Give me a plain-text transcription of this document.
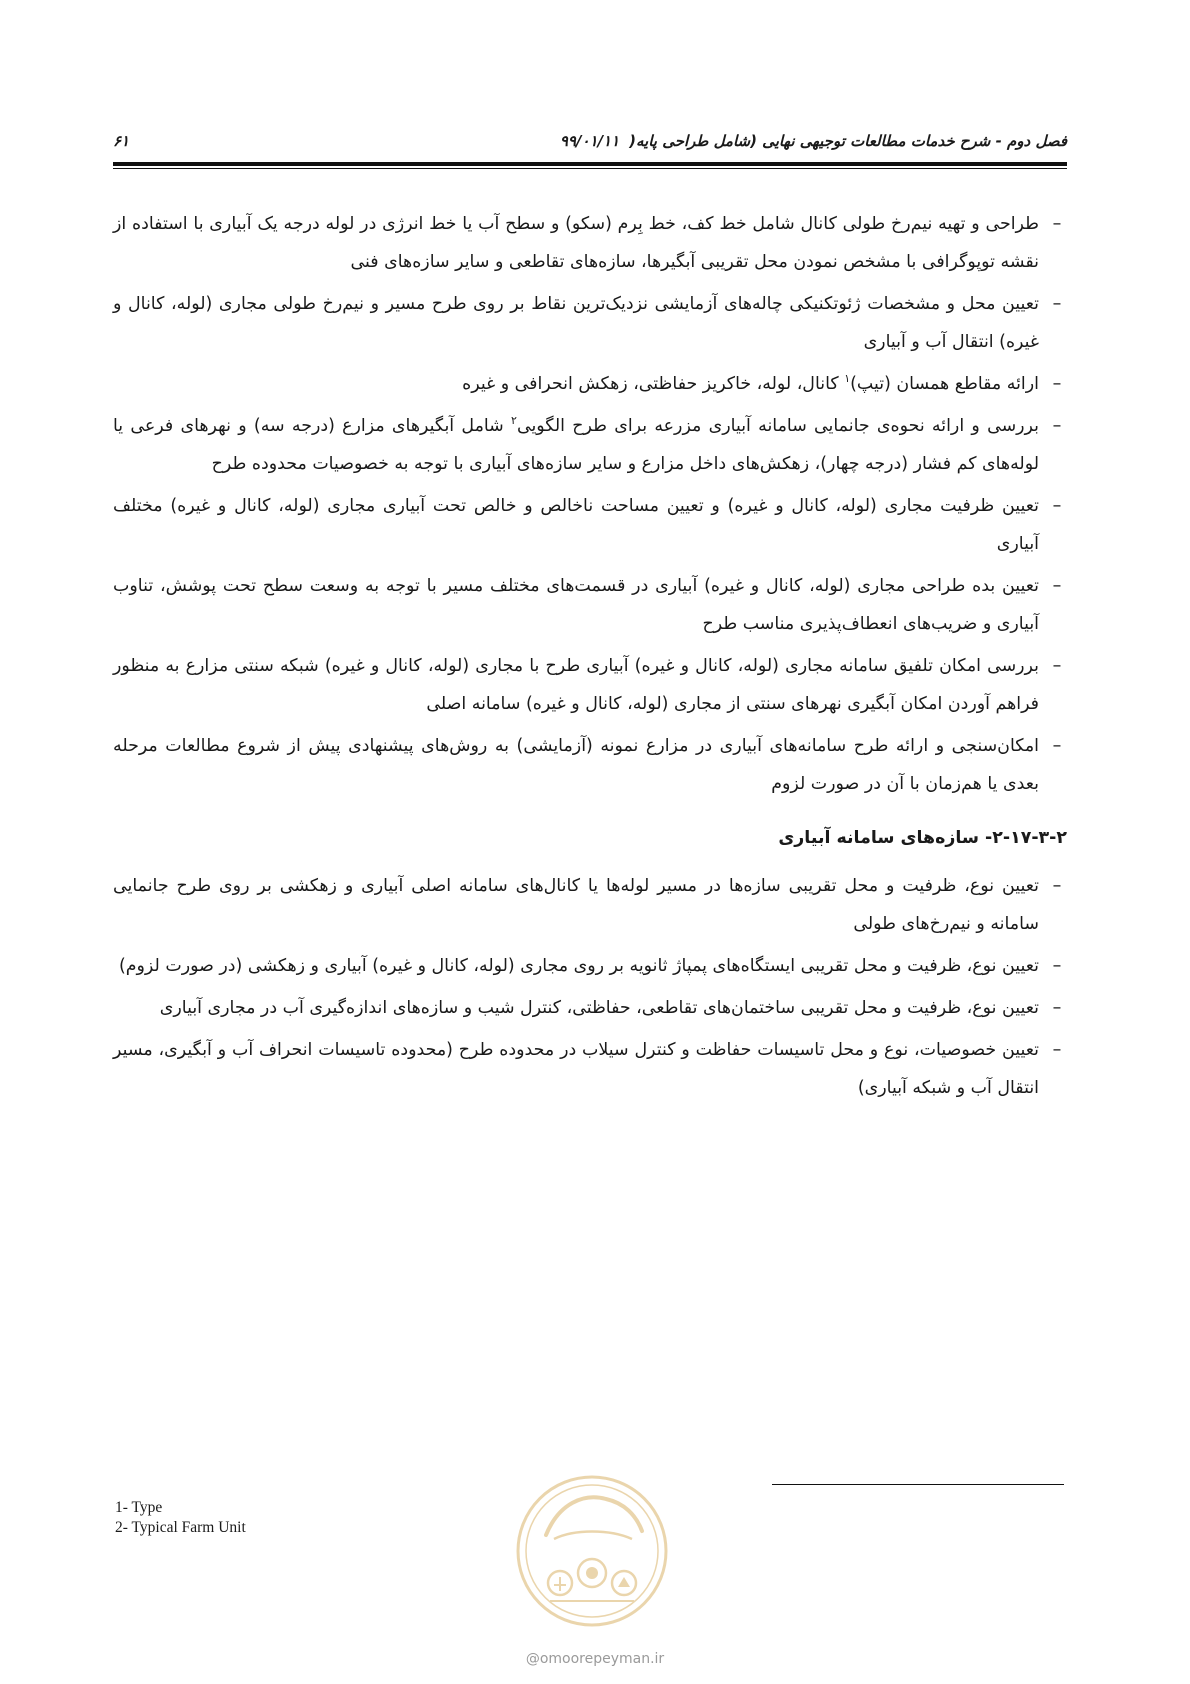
فصل دوم - شرح خدمات مطالعات توجیهی نهایی (شامل طراحی پایه(۹۹/۰۱/۱۱
۶۱
–
طراحی و تهیه نیم‌رخ طولی کانال شامل خط کف، خط بِرم (سکو) و سطح آب یا خط انرژی در لوله درجه یک آبیاری با استفاده از نقشه توپوگرافی با مشخص نمودن محل تقریبی آبگیرها، سازه‌های تقاطعی و سایر سازه‌های فنی
–
تعیین محل و مشخصات ژئوتکنیکی چاله‌های آزمایشی نزدیک‌ترین نقاط بر روی طرح مسیر و نیم‌رخ طولی مجاری (لوله، کانال و غیره) انتقال آب و آبیاری
–
ارائه مقاطع همسان (تیپ)$^۱$ کانال، لوله، خاکریز حفاظتی، زهکش انحرافی و غیره
–
بررسی و ارائه نحوه‌ی جانمایی سامانه آبیاری مزرعه برای طرح الگویی$^۲$ شامل آبگیرهای مزارع (درجه سه) و نهرهای فرعی یا لوله‌های کم فشار (درجه چهار)، زهکش‌های داخل مزارع و سایر سازه‌های آبیاری با توجه به خصوصیات محدوده طرح
–
تعیین ظرفیت مجاری (لوله، کانال و غیره) و تعیین مساحت ناخالص و خالص تحت آبیاری مجاری (لوله، کانال و غیره) مختلف آبیاری
–
تعیین بده طراحی مجاری (لوله، کانال و غیره) آبیاری در قسمت‌های مختلف مسیر با توجه به وسعت سطح تحت پوشش، تناوب آبیاری و ضریب‌های انعطاف‌پذیری مناسب طرح
–
بررسی امکان تلفیق سامانه مجاری (لوله، کانال و غیره) آبیاری طرح با مجاری (لوله، کانال و غیره) شبکه سنتی مزارع به منظور فراهم آوردن امکان آبگیری نهرهای سنتی از مجاری (لوله، کانال و غیره) سامانه اصلی
–
امکان‌سنجی و ارائه طرح سامانه‌های آبیاری در مزارع نمونه (آزمایشی) به روش‌های پیشنهادی پیش از شروع مطالعات مرحله بعدی یا هم‌زمان با آن در صورت لزوم
۲-۱۷-۳-۲- سازه‌های سامانه آبیاری
–
تعیین نوع، ظرفیت و محل تقریبی سازه‌ها در مسیر لوله‌ها یا کانال‌های سامانه اصلی آبیاری و زهکشی بر روی طرح جانمایی سامانه و نیم‌رخ‌های طولی
–
تعیین نوع، ظرفیت و محل تقریبی ایستگاه‌های پمپاژ ثانویه بر روی مجاری (لوله، کانال و غیره) آبیاری و زهکشی (در صورت لزوم)
–
تعیین نوع، ظرفیت و محل تقریبی ساختمان‌های تقاطعی، حفاظتی، کنترل شیب و سازه‌های اندازه‌گیری آب در مجاری آبیاری
–
تعیین خصوصیات، نوع و محل تاسیسات حفاظت و کنترل سیلاب در محدوده طرح (محدوده تاسیسات انحراف آب و آبگیری، مسیر انتقال آب و شبکه آبیاری)
1- Type
2- Typical Farm Unit
@omoorepeyman.ir
